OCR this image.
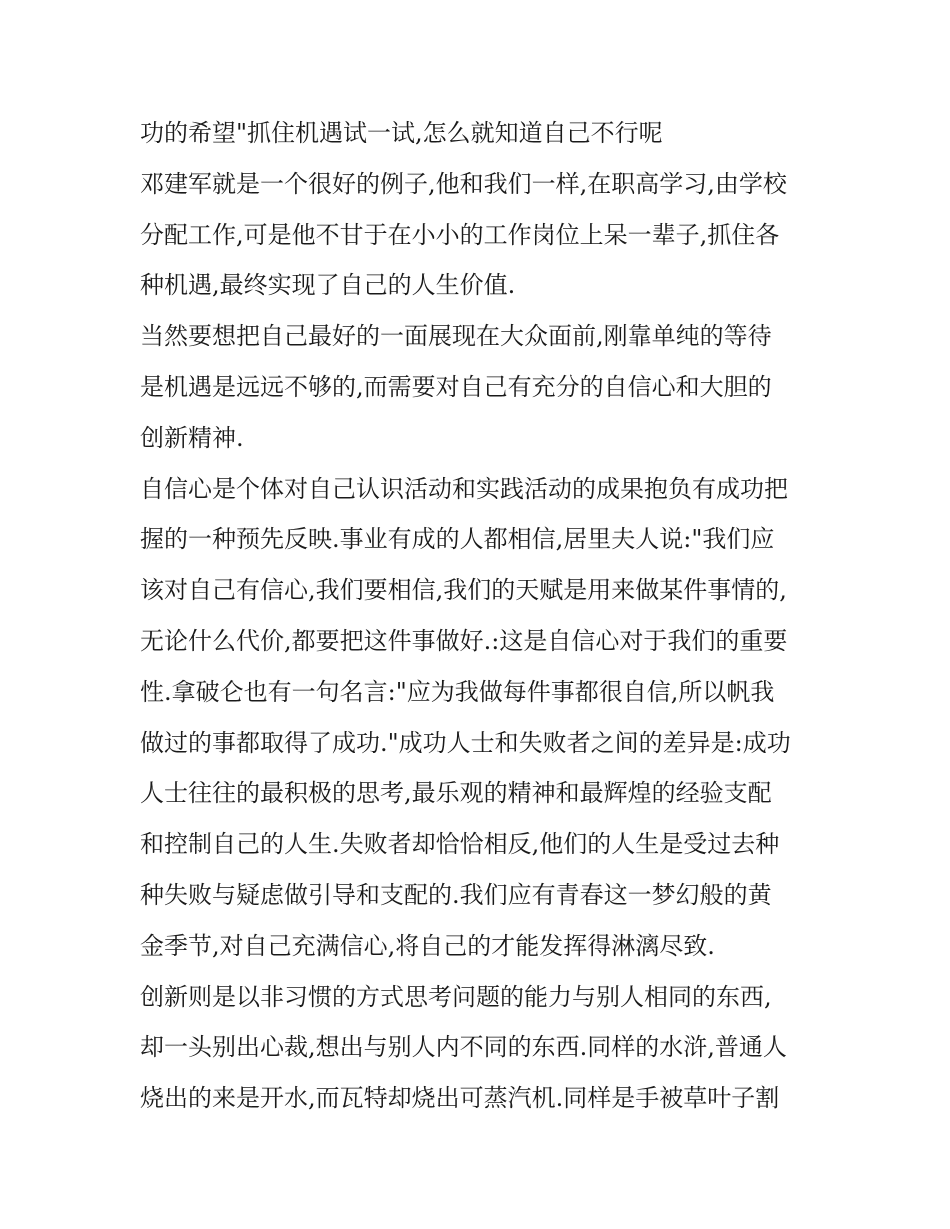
功的希望"抓住机遇试一试,怎么就知道自己不行呢
邓建军就是一个很好的例子,他和我们一样,在职高学习,由学校
分配工作,可是他不甘于在小小的工作岗位上呆一辈子,抓住各
种机遇,最终实现了自己的人生价值.
当然要想把自己最好的一面展现在大众面前,刚靠单纯的等待
是机遇是远远不够的,而需要对自己有充分的自信心和大胆的
创新精神.
自信心是个体对自己认识活动和实践活动的成果抱负有成功把
握的一种预先反映.事业有成的人都相信,居里夫人说:"我们应
该对自己有信心,我们要相信,我们的天赋是用来做某件事情的,
无论什么代价,都要把这件事做好.:这是自信心对于我们的重要
性.拿破仑也有一句名言:"应为我做每件事都很自信,所以帆我
做过的事都取得了成功."成功人士和失败者之间的差异是:成功
人士往往的最积极的思考,最乐观的精神和最辉煌的经验支配
和控制自己的人生.失败者却恰恰相反,他们的人生是受过去种
种失败与疑虑做引导和支配的.我们应有青春这一梦幻般的黄
金季节,对自己充满信心,将自己的才能发挥得淋漓尽致.
创新则是以非习惯的方式思考问题的能力与别人相同的东西,
却一头别出心裁,想出与别人内不同的东西.同样的水浒,普通人
烧出的来是开水,而瓦特却烧出可蒸汽机.同样是手被草叶子割
